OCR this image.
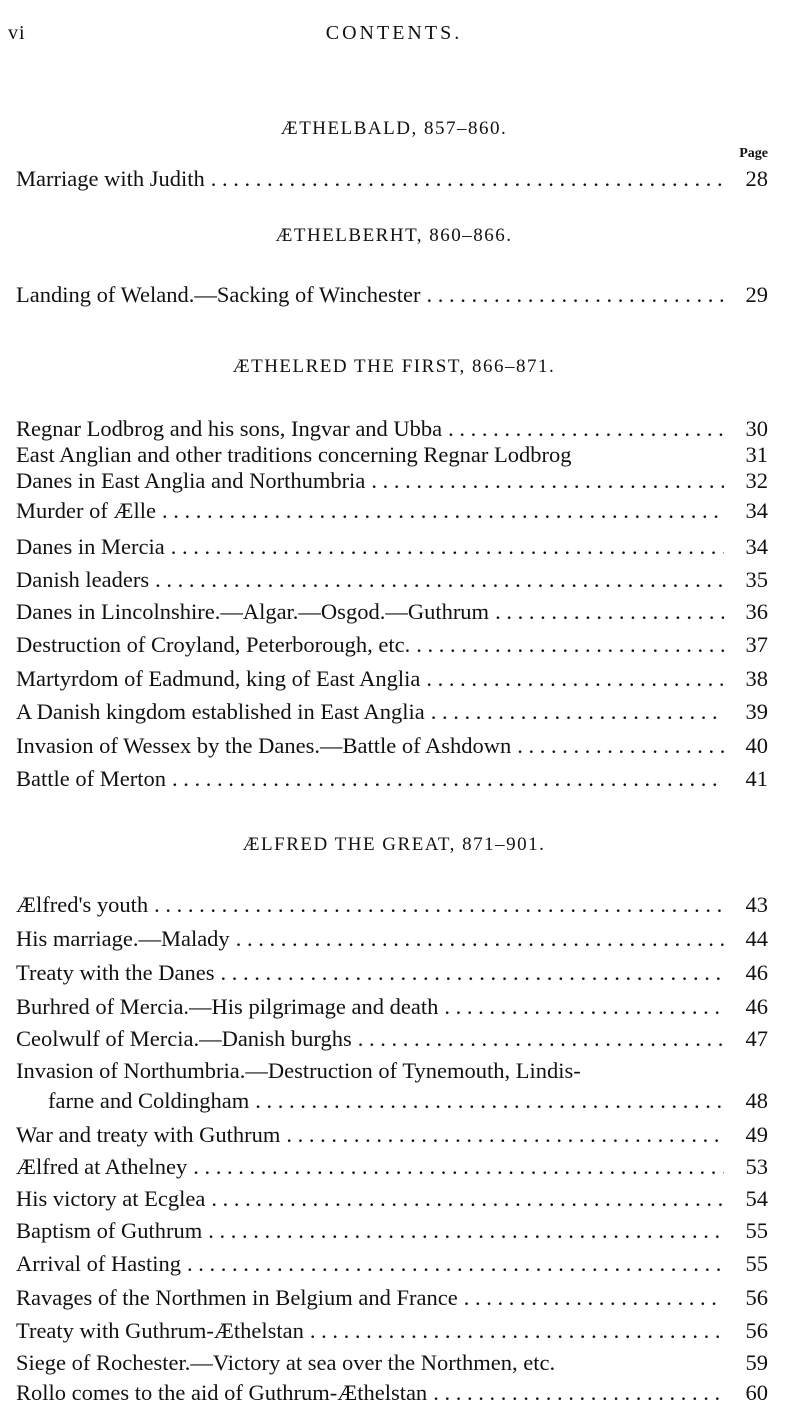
vi	CONTENTS.
ÆTHELBALD, 857–860.
Page
Marriage with Judith . . .	28
ÆTHELBERHT, 860–866.
Landing of Weland.—Sacking of Winchester . . .	29
ÆTHELRED THE FIRST, 866–871.
Regnar Lodbrog and his sons, Ingvar and Ubba . . .	30
East Anglian and other traditions concerning Regnar Lodbrog	31
Danes in East Anglia and Northumbria . . .	32
Murder of Ælle . . .	34
Danes in Mercia . . .	34
Danish leaders . . .	35
Danes in Lincolnshire.—Algar.—Osgod.—Guthrum . . .	36
Destruction of Croyland, Peterborough, etc. . . .	37
Martyrdom of Eadmund, king of East Anglia . . .	38
A Danish kingdom established in East Anglia . . .	39
Invasion of Wessex by the Danes.—Battle of Ashdown . . .	40
Battle of Merton . . .	41
ÆLFRED THE GREAT, 871–901.
Ælfred's youth . . .	43
His marriage.—Malady . . .	44
Treaty with the Danes . . .	46
Burhred of Mercia.—His pilgrimage and death . . .	46
Ceolwulf of Mercia.—Danish burghs . . .	47
Invasion of Northumbria.—Destruction of Tynemouth, Lindis-
farne and Coldingham . . .	48
War and treaty with Guthrum . . .	49
Ælfred at Athelney . . .	53
His victory at Ecglea . . .	54
Baptism of Guthrum . . .	55
Arrival of Hasting . . .	55
Ravages of the Northmen in Belgium and France . . .	56
Treaty with Guthrum-Æthelstan . . .	56
Siege of Rochester.—Victory at sea over the Northmen, etc.	59
Rollo comes to the aid of Guthrum-Æthelstan . . .	60
